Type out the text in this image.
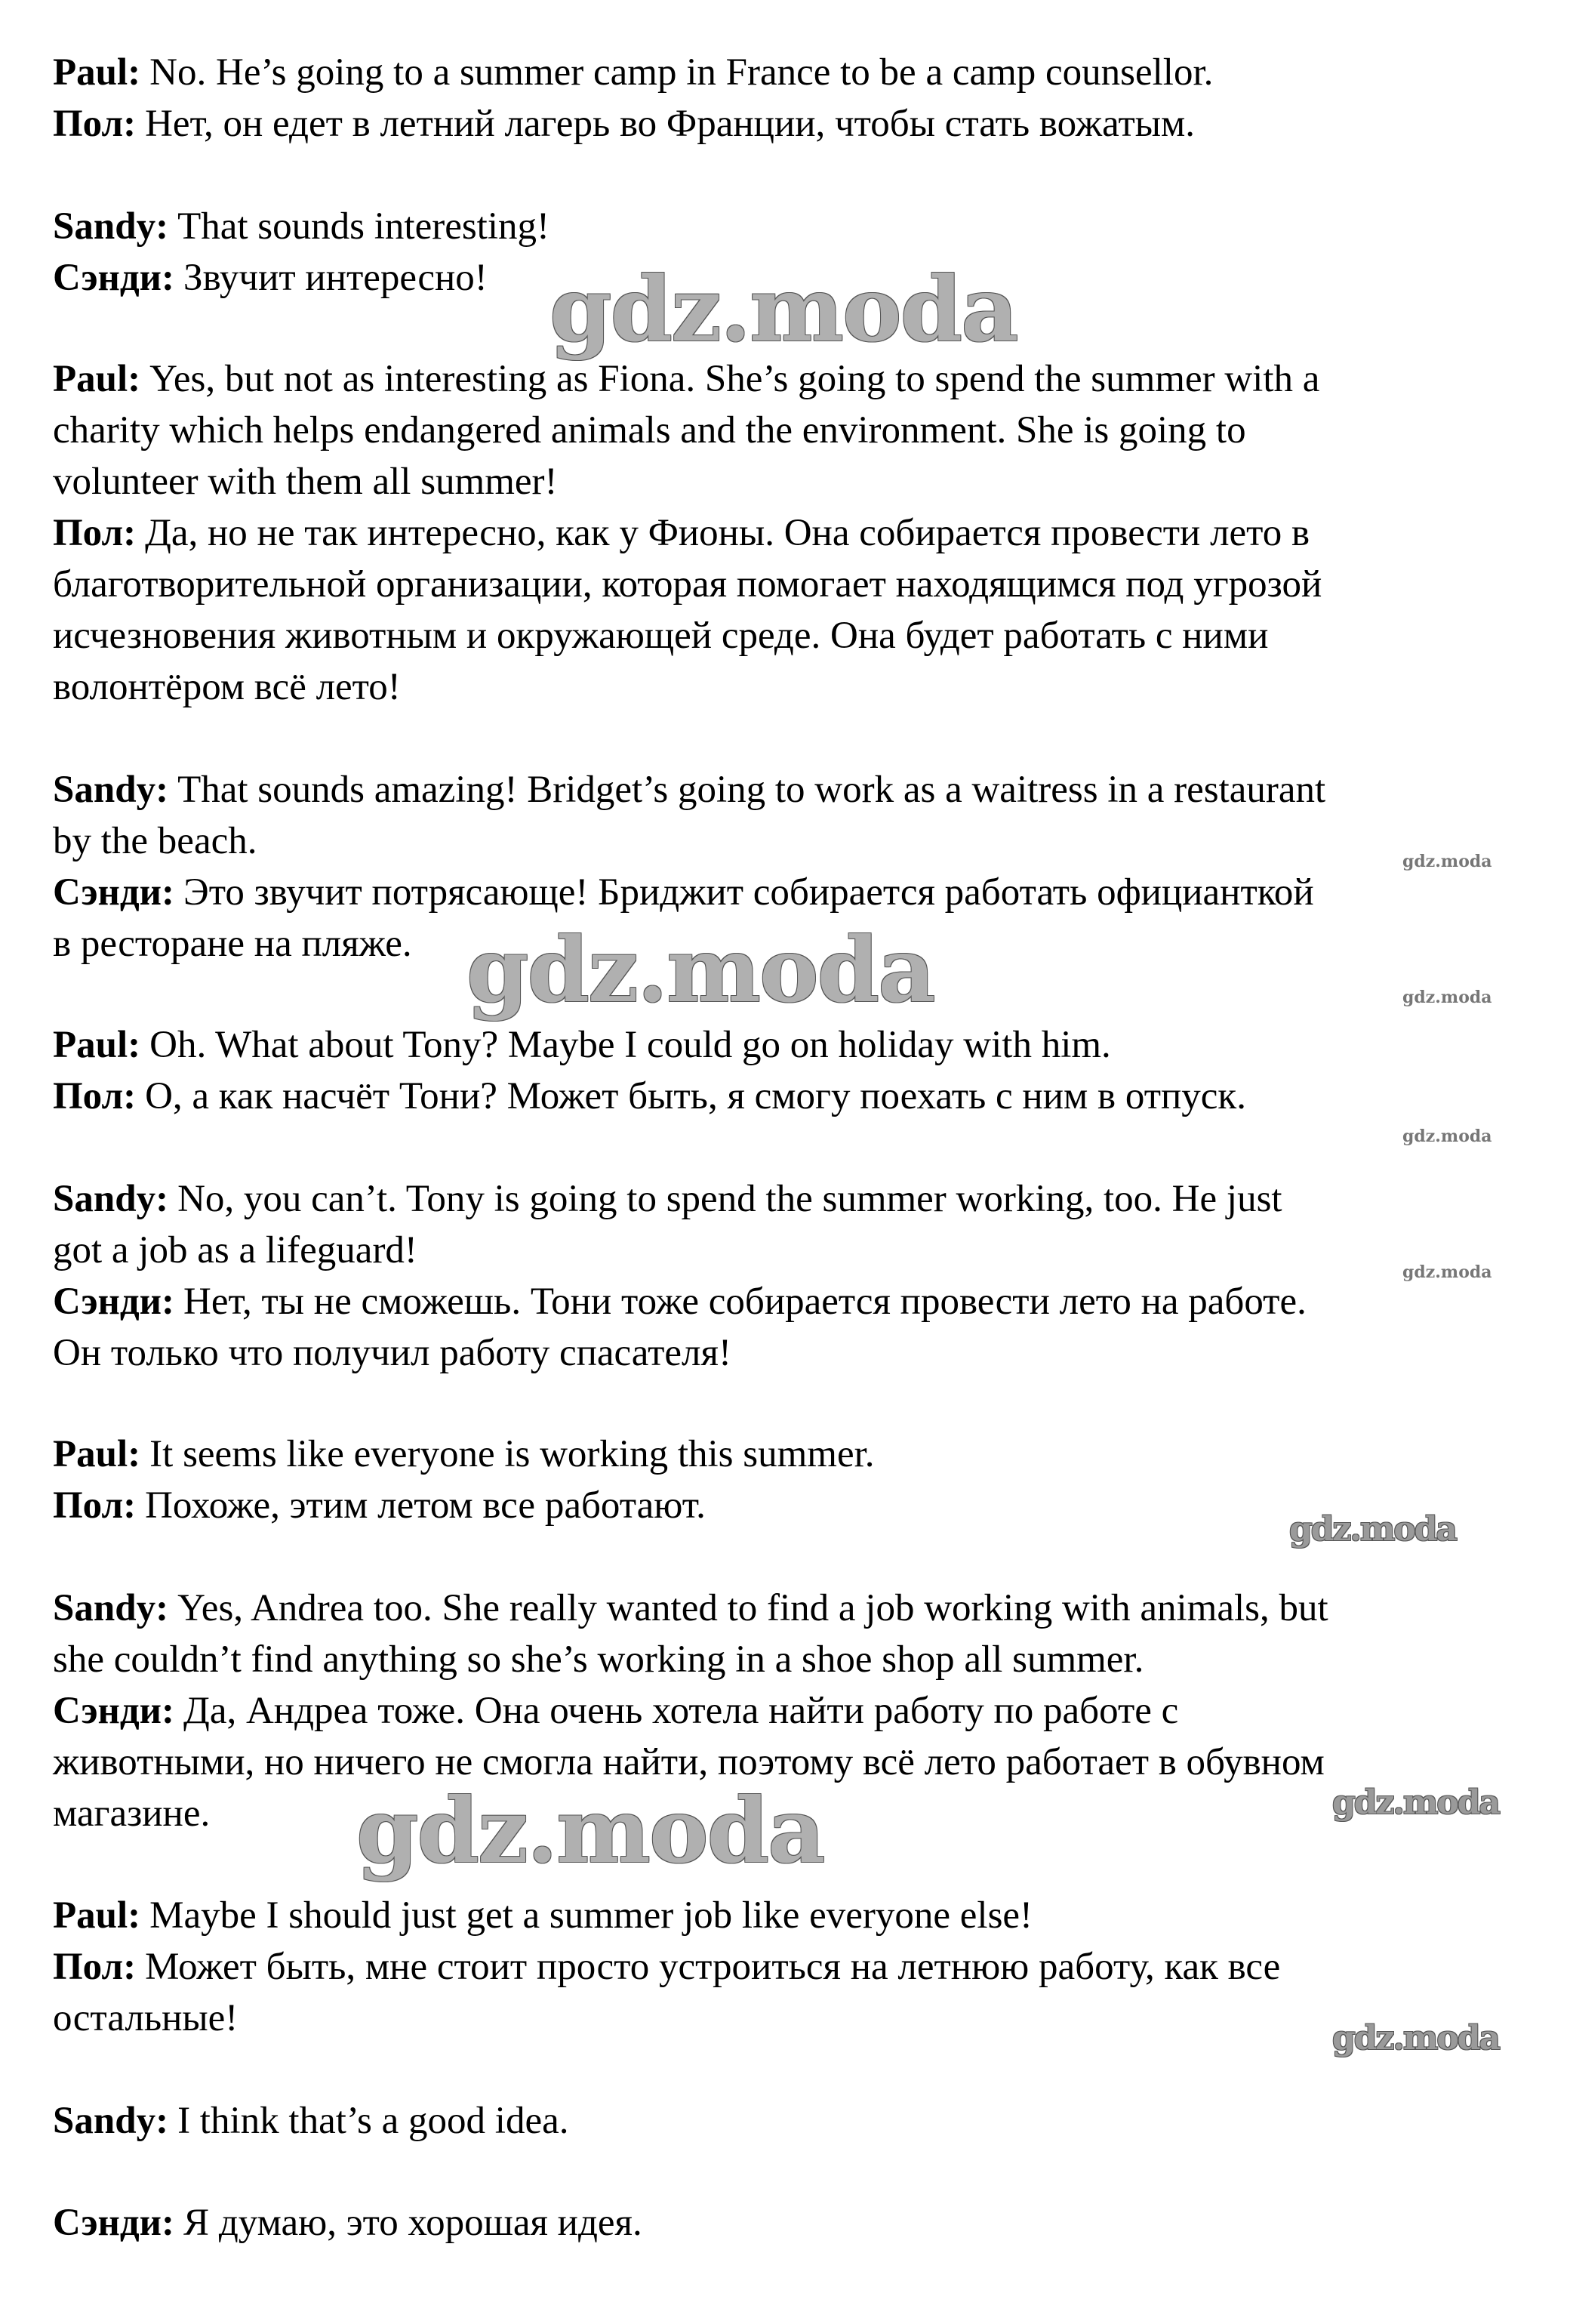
Paul: No. He’s going to a summer camp in France to be a camp counsellor.
Пол: Нет, он едет в летний лагерь во Франции, чтобы стать вожатым.
Sandy: That sounds interesting!
Сэнди: Звучит интересно!
Paul: Yes, but not as interesting as Fiona. She’s going to spend the summer with a
charity which helps endangered animals and the environment. She is going to
volunteer with them all summer!
Пол: Да, но не так интересно, как у Фионы. Она собирается провести лето в
благотворительной организации, которая помогает находящимся под угрозой
исчезновения животным и окружающей среде. Она будет работать с ними
волонтёром всё лето!
Sandy: That sounds amazing! Bridget’s going to work as a waitress in a restaurant
by the beach.
Сэнди: Это звучит потрясающе! Бриджит собирается работать официанткой
в ресторане на пляже.
Paul: Oh. What about Tony? Maybe I could go on holiday with him.
Пол: О, а как насчёт Тони? Может быть, я смогу поехать с ним в отпуск.
Sandy: No, you can’t. Tony is going to spend the summer working, too. He just
got a job as a lifeguard!
Сэнди: Нет, ты не сможешь. Тони тоже собирается провести лето на работе.
Он только что получил работу спасателя!
Paul: It seems like everyone is working this summer.
Пол: Похоже, этим летом все работают.
Sandy: Yes, Andrea too. She really wanted to find a job working with animals, but
she couldn’t find anything so she’s working in a shoe shop all summer.
Сэнди: Да, Андреа тоже. Она очень хотела найти работу по работе с
животными, но ничего не смогла найти, поэтому всё лето работает в обувном
магазине.
Paul: Maybe I should just get a summer job like everyone else!
Пол: Может быть, мне стоит просто устроиться на летнюю работу, как все
остальные!
Sandy: I think that’s a good idea.
Сэнди: Я думаю, это хорошая идея.
gdz.moda
gdz.moda
gdz.moda
gdz.moda
gdz.moda
gdz.moda
gdz.moda
gdz.moda
gdz.moda
gdz.moda
